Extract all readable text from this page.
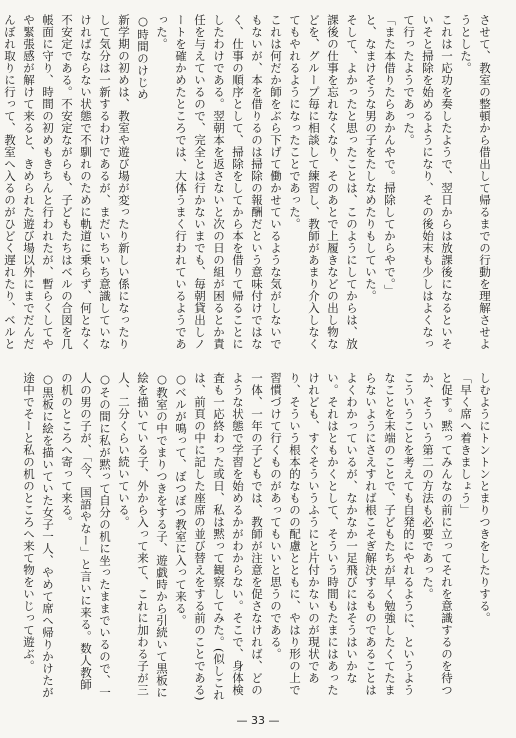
させて、教室の整頓から借出して帰るまでの行動を理解させようとした。

これは一応功を奏したようで、翌日からは放課後になるといそいそと掃除を始めるようになり、その後始末も少しはよくなって行ったようであった。

「また本借りたらあかんやで。掃除してからやで。」

と、なまけそうな男の子をたしなめたりもしていた。

そして、よかったと思ったことは、このようにしてからは、放課後の仕事を忘れなくなり、そのあとで上履きなどの出し物などを、グループ毎に相談して練習し、教師があまり介入しなくてもやれるようになったことであった。

これは何だか師をぶら下げて働かせているような気がしないでもないが、本を借りるのは掃除の報酬だという意味付けではなく、仕事の順序として、掃除をしてから本を借りて帰ることにしたわけである。翌朝本を返さないと次の日の組が困るとか責任を与えているので、完全とは行かないまでも、毎朝貸出しノートを確かめたところでは、大体うまく行われているようであった。

○時間のけじめ

新学期の初めは、教室や遊び場が変ったり新しい係になったりして気分は一新するわけであるが、まだいちいち意識していなければならない状態で不馴れのために軌道に乗らず、何となく不安定である。不安定ながらも、子どもたちはベルの合図を几帳面に守り、時間の初めもきちんと行われたが、暫らくしてやや緊張感が解けて来ると、きめられた遊び場以外にまでだんだんぼれ取りに行って、教室へ入るのがひどく遅れたり、ベルと

しむようにトントンとまりつきをしたりする。

「早く席へ着きましょう」

と促す。黙ってみんなの前に立ってそれを意識するのを待つか、そういう第二の方法も必要であった。

こういうことを考えても自発的にやれるように、というようなことを末端のことで、子どもたちが早く勉強したくてたまらないようにさえすれば根こそぎ解決するものであることはよくわかっているが、なかなか一足飛びにはそうはいかない。それはともかくとして、そういう時間もたまにはあったけれども、すぐそういうふうにと片付かないのが現状であり、そういう根本的なものの配慮とともに、やはり形の上で習慣づけて行くものがあってもいいと思うのである。

一体、一年の子どもでは、教師が注意を促さなければ、どのような状態で学習を始めるかがわからない。そこで、身体検査も一応終わった或日、私は黙って観察してみた。(似しこれは、前頁の中に記した座席の並び替えをする前のことである)

○ベルが鳴って、ぼつぼつ教室に入って来る。

○教室の中でまりつきをする子、遊戯時から引続いて黒板に絵を描いている子、外から入って来て、これに加わる子が三人、二分くらい続いている。

○その間に私が黙って自分の机に坐ったままでいるので、一人の男の子が、「今、国語やなー」と言いに来る。数人教師の机のところへ寄って来る。

○黒板に絵を描いていた女子一人、やめて席へ帰りかけたが途中でそーと私の机のところへ来て物をいじって遊ぶ。

— 33 —
